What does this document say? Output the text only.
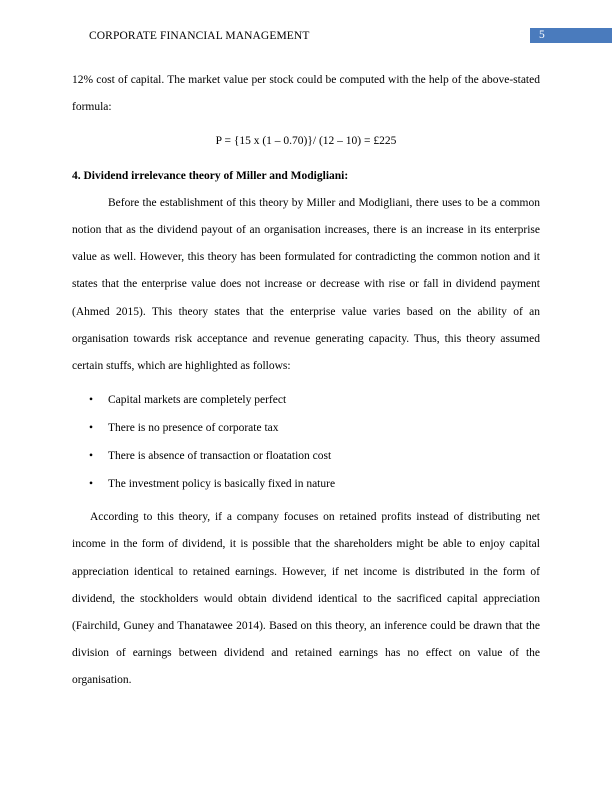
CORPORATE FINANCIAL MANAGEMENT	5

12% cost of capital. The market value per stock could be computed with the help of the above-stated formula:

P = {15 x (1 – 0.70)}/ (12 – 10) = £225

4. Dividend irrelevance theory of Miller and Modigliani:

Before the establishment of this theory by Miller and Modigliani, there uses to be a common notion that as the dividend payout of an organisation increases, there is an increase in its enterprise value as well. However, this theory has been formulated for contradicting the common notion and it states that the enterprise value does not increase or decrease with rise or fall in dividend payment (Ahmed 2015). This theory states that the enterprise value varies based on the ability of an organisation towards risk acceptance and revenue generating capacity. Thus, this theory assumed certain stuffs, which are highlighted as follows:

• Capital markets are completely perfect
• There is no presence of corporate tax
• There is absence of transaction or floatation cost
• The investment policy is basically fixed in nature

According to this theory, if a company focuses on retained profits instead of distributing net income in the form of dividend, it is possible that the shareholders might be able to enjoy capital appreciation identical to retained earnings. However, if net income is distributed in the form of dividend, the stockholders would obtain dividend identical to the sacrificed capital appreciation (Fairchild, Guney and Thanatawee 2014). Based on this theory, an inference could be drawn that the division of earnings between dividend and retained earnings has no effect on value of the organisation.
